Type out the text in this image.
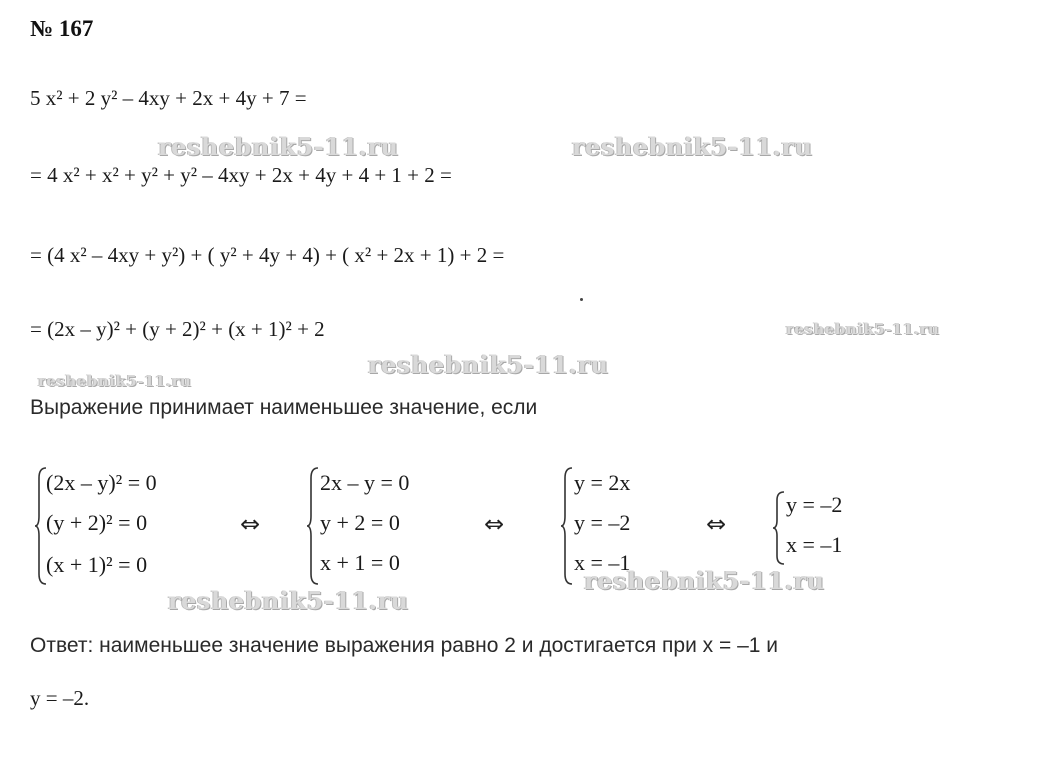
№ 167
5 x² + 2 y² – 4xy + 2x + 4y + 7 =
= 4 x² + x² + y² + y² – 4xy + 2x + 4y + 4 + 1 + 2 =
= (4 x² – 4xy + y²) + ( y² + 4y + 4) + ( x² + 2x + 1) + 2 =
= (2x – y)² + (y + 2)² + (x + 1)² + 2
Выражение принимает наименьшее значение, если
(2x – y)² = 0
(y + 2)² = 0
(x + 1)² = 0
⇔
2x – y = 0
y + 2 = 0
x + 1 = 0
⇔
y = 2x
y = –2
x = –1
⇔
y = –2
x = –1
Ответ: наименьшее значение выражения равно 2 и достигается при x = –1 и
y = –2.
reshebnik5-11.ru	reshebnik5-11.ru
reshebnik5-11.ru
reshebnik5-11.ru
reshebnik5-11.ru
reshebnik5-11.ru
reshebnik5-11.ru
